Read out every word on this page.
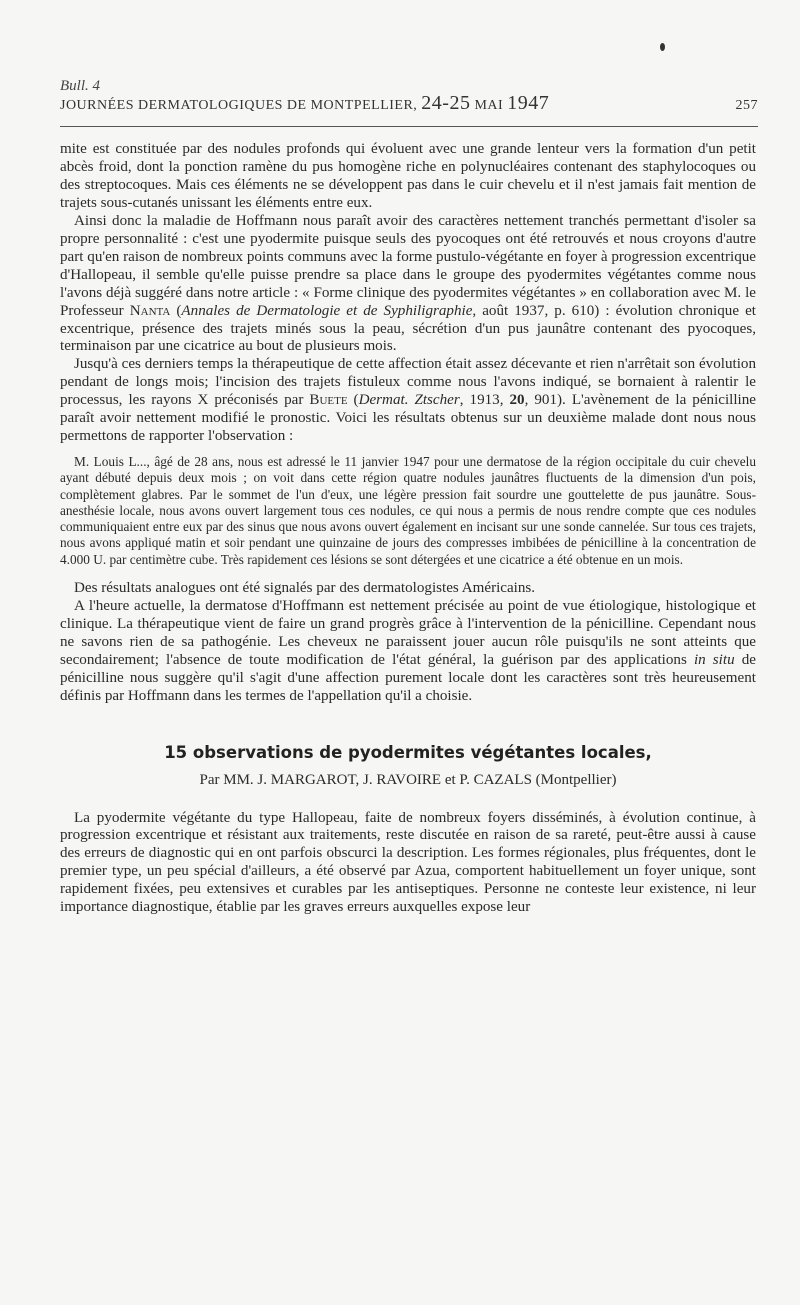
Bull. 4
JOURNÉES DERMATOLOGIQUES DE MONTPELLIER, 24-25 MAI 1947	257

mite est constituée par des nodules profonds qui évoluent avec une grande lenteur vers la formation d'un petit abcès froid, dont la ponction ramène du pus homogène riche en polynucléaires contenant des staphylocoques ou des streptocoques. Mais ces éléments ne se développent pas dans le cuir chevelu et il n'est jamais fait mention de trajets sous-cutanés unissant les éléments entre eux.

Ainsi donc la maladie de Hoffmann nous paraît avoir des caractères nettement tranchés permettant d'isoler sa propre personnalité : c'est une pyodermite puisque seuls des pyocoques ont été retrouvés et nous croyons d'autre part qu'en raison de nombreux points communs avec la forme pustulo-végétante en foyer à progression excentrique d'Hallopeau, il semble qu'elle puisse prendre sa place dans le groupe des pyodermites végétantes comme nous l'avons déjà suggéré dans notre article : « Forme clinique des pyodermites végétantes » en collaboration avec M. le Professeur Nanta (Annales de Dermatologie et de Syphiligraphie, août 1937, p. 610) : évolution chronique et excentrique, présence des trajets minés sous la peau, sécrétion d'un pus jaunâtre contenant des pyocoques, terminaison par une cicatrice au bout de plusieurs mois.

Jusqu'à ces derniers temps la thérapeutique de cette affection était assez décevante et rien n'arrêtait son évolution pendant de longs mois; l'incision des trajets fistuleux comme nous l'avons indiqué, se bornaient à ralentir le processus, les rayons X préconisés par Buete (Dermat. Ztscher, 1913, 20, 901). L'avènement de la pénicilline paraît avoir nettement modifié le pronostic. Voici les résultats obtenus sur un deuxième malade dont nous nous permettons de rapporter l'observation :

M. Louis L..., âgé de 28 ans, nous est adressé le 11 janvier 1947 pour une dermatose de la région occipitale du cuir chevelu ayant débuté depuis deux mois ; on voit dans cette région quatre nodules jaunâtres fluctuents de la dimension d'un pois, complètement glabres. Par le sommet de l'un d'eux, une légère pression fait sourdre une gouttelette de pus jaunâtre. Sous-anesthésie locale, nous avons ouvert largement tous ces nodules, ce qui nous a permis de nous rendre compte que ces nodules communiquaient entre eux par des sinus que nous avons ouvert également en incisant sur une sonde cannelée. Sur tous ces trajets, nous avons appliqué matin et soir pendant une quinzaine de jours des compresses imbibées de pénicilline à la concentration de 4.000 U. par centimètre cube. Très rapidement ces lésions se sont détergées et une cicatrice a été obtenue en un mois.

Des résultats analogues ont été signalés par des dermatologistes Américains.

A l'heure actuelle, la dermatose d'Hoffmann est nettement précisée au point de vue étiologique, histologique et clinique. La thérapeutique vient de faire un grand progrès grâce à l'intervention de la pénicilline. Cependant nous ne savons rien de sa pathogénie. Les cheveux ne paraissent jouer aucun rôle puisqu'ils ne sont atteints que secondairement; l'absence de toute modification de l'état général, la guérison par des applications in situ de pénicilline nous suggère qu'il s'agit d'une affection purement locale dont les caractères sont très heureusement définis par Hoffmann dans les termes de l'appellation qu'il a choisie.

15 observations de pyodermites végétantes locales,

Par MM. J. MARGAROT, J. RAVOIRE et P. CAZALS (Montpellier)

La pyodermite végétante du type Hallopeau, faite de nombreux foyers disséminés, à évolution continue, à progression excentrique et résistant aux traitements, reste discutée en raison de sa rareté, peut-être aussi à cause des erreurs de diagnostic qui en ont parfois obscurci la description. Les formes régionales, plus fréquentes, dont le premier type, un peu spécial d'ailleurs, a été observé par Azua, comportent habituellement un foyer unique, sont rapidement fixées, peu extensives et curables par les antiseptiques. Personne ne conteste leur existence, ni leur importance diagnostique, établie par les graves erreurs auxquelles expose leur
